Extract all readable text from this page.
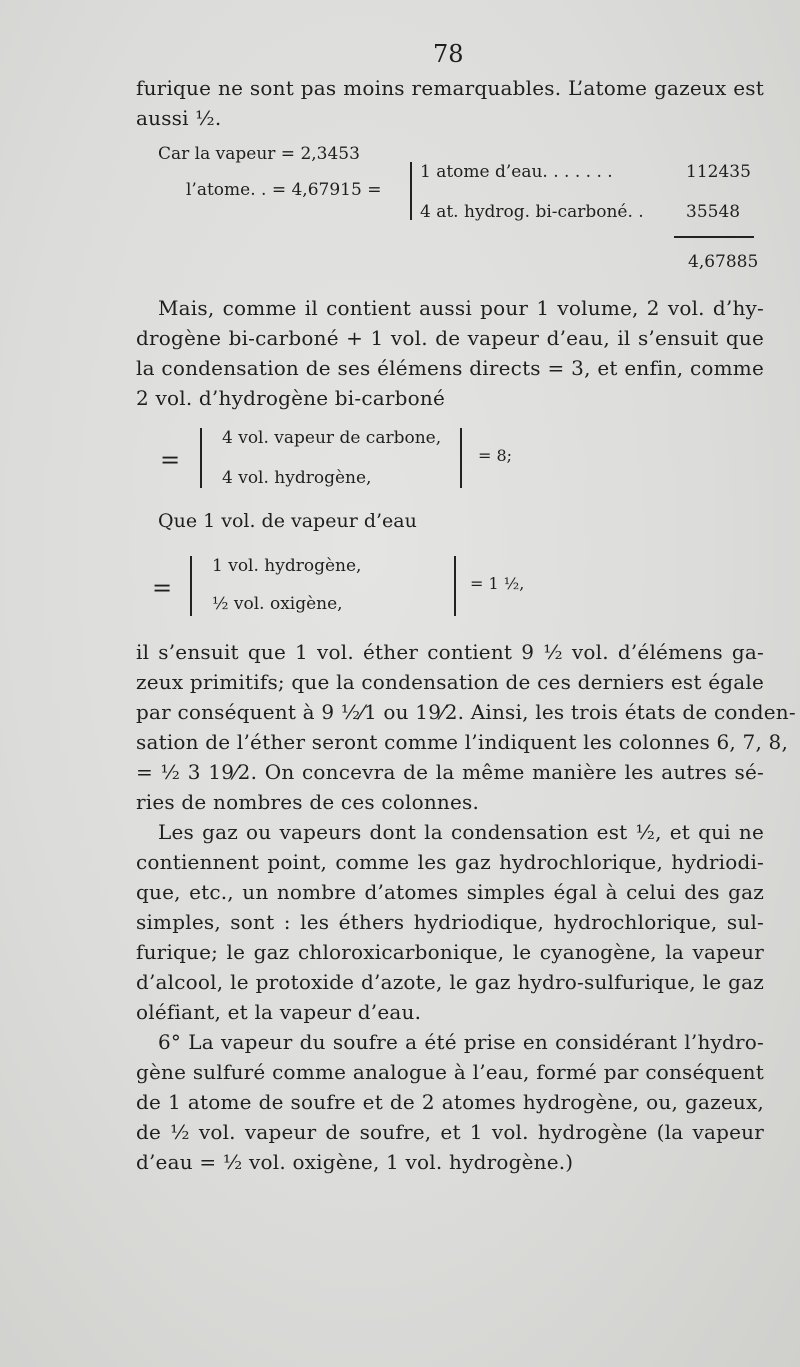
78
furique ne sont pas moins remarquables. L’atome gazeux est
aussi ½.
Car la vapeur = 2,3453
l’atome. . = 4,67915 =
1 atome d’eau. . . . . . .	112435
4 at. hydrog. bi-carboné. . 35548
4,67885
Mais, comme il contient aussi pour 1 volume, 2 vol. d’hy-
drogène bi-carboné + 1 vol. de vapeur d’eau, il s’ensuit que
la condensation de ses élémens directs = 3, et enfin, comme
2 vol. d’hydrogène bi-carboné
=
4 vol. vapeur de carbone,
4 vol. hydrogène,
= 8;
Que 1 vol. de vapeur d’eau
=
1 vol. hydrogène,
½ vol. oxigène,
= 1 ½,
il s’ensuit que 1 vol. éther contient 9 ½ vol. d’élémens ga-
zeux primitifs; que la condensation de ces derniers est égale
par conséquent à 9 ½⁄1 ou 19⁄2. Ainsi, les trois états de conden-
sation de l’éther seront comme l’indiquent les colonnes 6, 7, 8,
= ½ 3 19⁄2. On concevra de la même manière les autres sé-
ries de nombres de ces colonnes.
Les gaz ou vapeurs dont la condensation est ½, et qui ne
contiennent point, comme les gaz hydrochlorique, hydriodi-
que, etc., un nombre d’atomes simples égal à celui des gaz
simples, sont : les éthers hydriodique, hydrochlorique, sul-
furique; le gaz chloroxicarbonique, le cyanogène, la vapeur
d’alcool, le protoxide d’azote, le gaz hydro-sulfurique, le gaz
oléfiant, et la vapeur d’eau.
6° La vapeur du soufre a été prise en considérant l’hydro-
gène sulfuré comme analogue à l’eau, formé par conséquent
de 1 atome de soufre et de 2 atomes hydrogène, ou, gazeux,
de ½ vol. vapeur de soufre, et 1 vol. hydrogène (la vapeur
d’eau = ½ vol. oxigène, 1 vol. hydrogène.)
